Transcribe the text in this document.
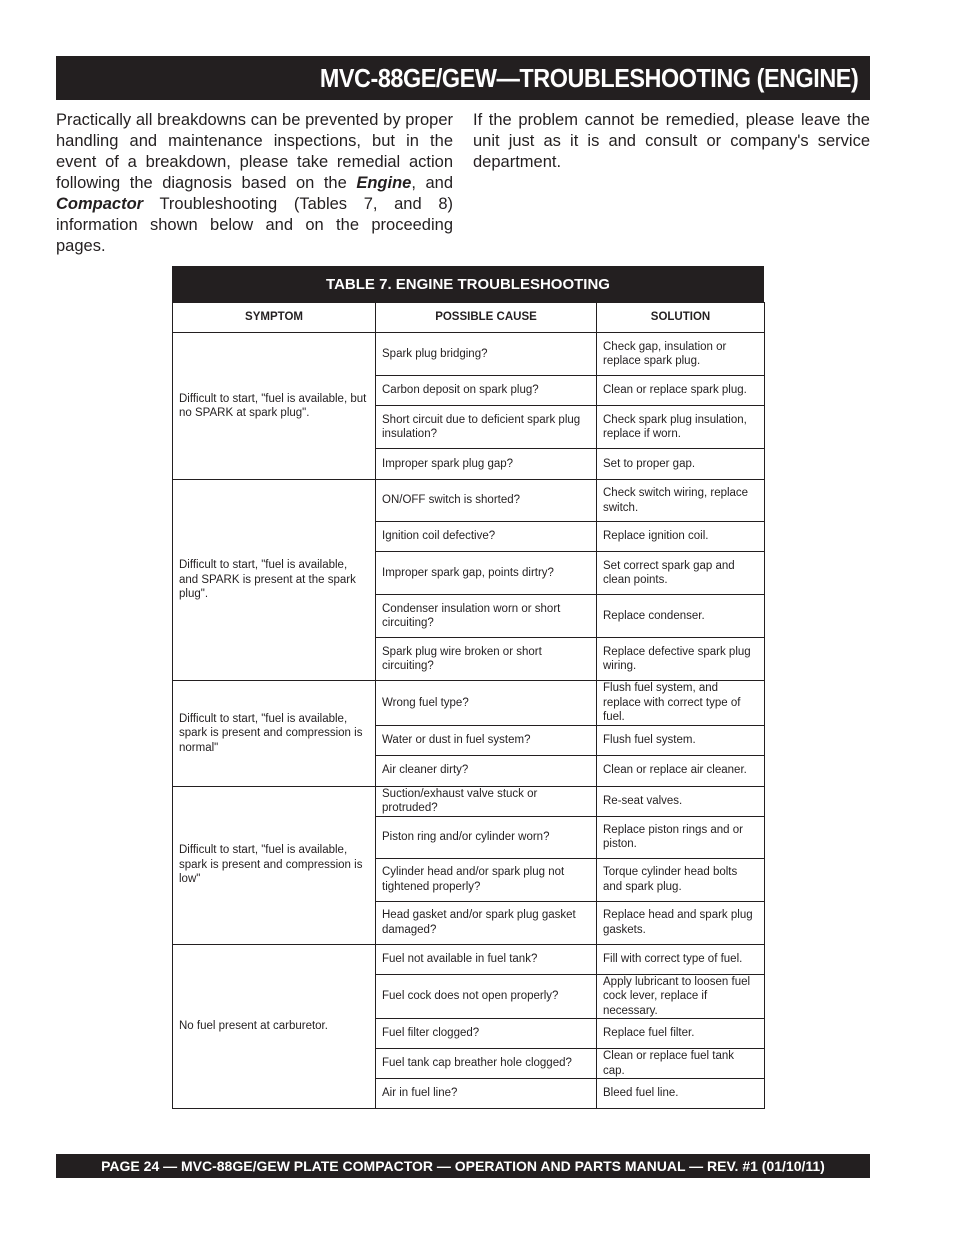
MVC-88GE/GEW—TROUBLESHOOTING (ENGINE)
Practically all breakdowns can be prevented by proper handling and maintenance inspections, but in the event of a breakdown, please take remedial action following the diagnosis based on the Engine, and Compactor Troubleshooting (Tables 7, and 8) information shown below and on the proceeding pages.
If the problem cannot be remedied, please leave the unit just as it is and consult or company's service department.
TABLE 7. ENGINE TROUBLESHOOTING
SYMPTOM	POSSIBLE CAUSE	SOLUTION
Difficult to start, "fuel is available, but no SPARK at spark plug".	Spark plug bridging?	Check gap, insulation or replace spark plug.
	Carbon deposit on spark plug?	Clean or replace spark plug.
	Short circuit due to deficient spark plug insulation?	Check spark plug insulation, replace if worn.
	Improper spark plug gap?	Set to proper gap.
Difficult to start, "fuel is available, and SPARK is present at the spark plug".	ON/OFF switch is shorted?	Check switch wiring, replace switch.
	Ignition coil defective?	Replace ignition coil.
	Improper spark gap, points dirtry?	Set correct spark gap and clean points.
	Condenser insulation worn or short circuiting?	Replace condenser.
	Spark plug wire broken or short circuiting?	Replace defective spark plug wiring.
Difficult to start, "fuel is available, spark is present and compression is normal"	Wrong fuel type?	Flush fuel system, and replace with correct type of fuel.
	Water or dust in fuel system?	Flush fuel system.
	Air cleaner dirty?	Clean or replace air cleaner.
Difficult to start, "fuel is available, spark is present and compression is low"	Suction/exhaust valve stuck or protruded?	Re-seat valves.
	Piston ring and/or cylinder worn?	Replace piston rings and or piston.
	Cylinder head and/or spark plug not tightened properly?	Torque cylinder head bolts and spark plug.
	Head gasket and/or spark plug gasket damaged?	Replace head and spark plug gaskets.
No fuel present at carburetor.	Fuel not available in fuel tank?	Fill with correct type of fuel.
	Fuel cock does not open properly?	Apply lubricant to loosen fuel cock lever, replace if necessary.
	Fuel filter clogged?	Replace fuel filter.
	Fuel tank cap breather hole clogged?	Clean or replace fuel tank cap.
	Air in fuel line?	Bleed fuel line.
PAGE 24 — MVC-88GE/GEW PLATE COMPACTOR — OPERATION AND PARTS MANUAL — REV. #1 (01/10/11)
